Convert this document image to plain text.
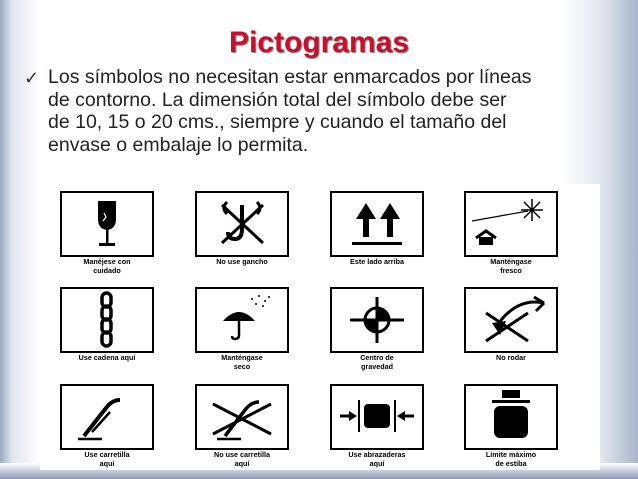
Pictogramas
✓ Los símbolos no necesitan estar enmarcados por líneas
de contorno. La dimensión total del símbolo debe ser
de 10, 15 o 20 cms., siempre y cuando el tamaño del
envase o embalaje lo permita.

Manéjese con
cuidado
No use gancho	Este lado arriba	Manténgase
fresco
Use cadena aquí	Manténgase
seco
Centro de
gravedad
No rodar
Use carretilla
aquí
No use carretilla
aquí
Use abrazaderas
aquí
Límite máximo
de estiba
